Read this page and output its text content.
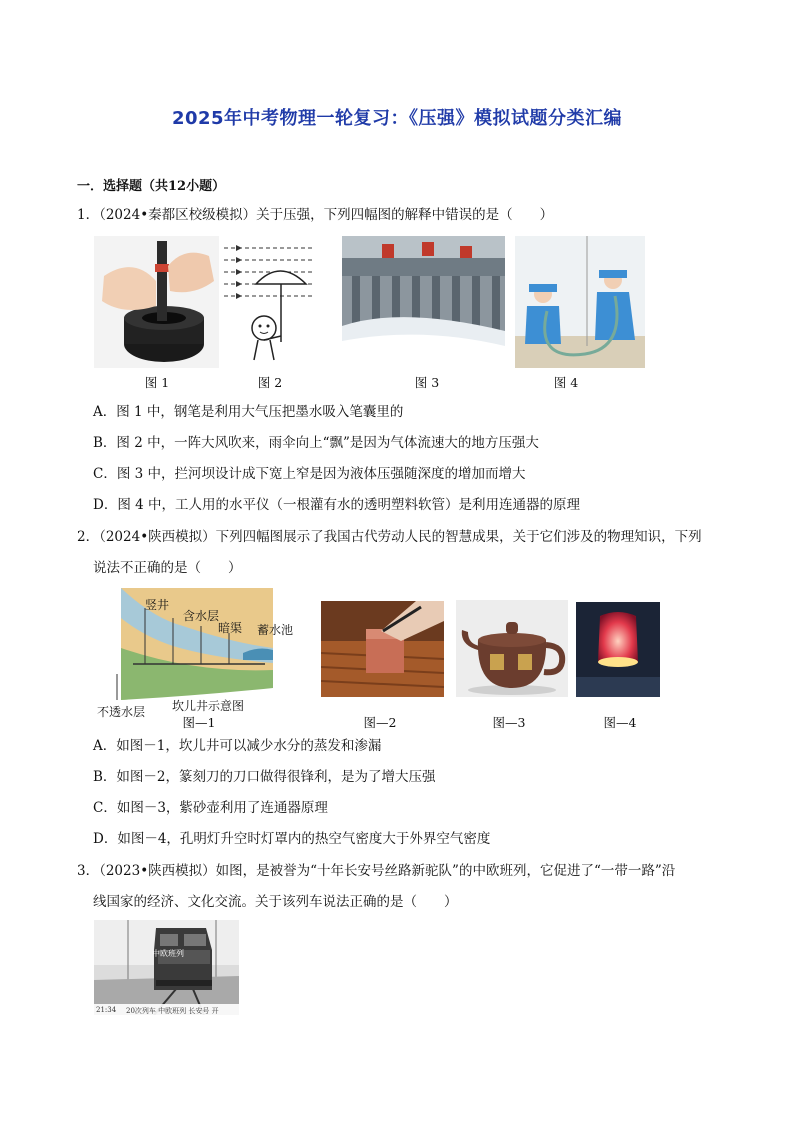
2025年中考物理一轮复习：《压强》模拟试题分类汇编
一．选择题（共12小题）
1．（2024•秦都区校级模拟）关于压强，下列四幅图的解释中错误的是（　　）
图 1	图 2	图 3	图 4
A．图 1 中，钢笔是利用大气压把墨水吸入笔囊里的
B．图 2 中，一阵大风吹来，雨伞向上“飘”是因为气体流速大的地方压强大
C．图 3 中，拦河坝设计成下宽上窄是因为液体压强随深度的增加而增大
D．图 4 中，工人用的水平仪（一根灌有水的透明塑料软管）是利用连通器的原理
2．（2024•陕西模拟）下列四幅图展示了我国古代劳动人民的智慧成果，关于它们涉及的物理知识，下列
说法不正确的是（　　）
竖井
含水层
暗渠	蓄水池
不透水层	坎儿井示意图
图—2	图—3	图—4
图—1
A．如图－1，坎儿井可以减少水分的蒸发和渗漏
B．如图－2，篆刻刀的刀口做得很锋利，是为了增大压强
C．如图－3，紫砂壶利用了连通器原理
D．如图－4，孔明灯升空时灯罩内的热空气密度大于外界空气密度
3．（2023•陕西模拟）如图，是被誉为“十年长安号丝路新驼队”的中欧班列，它促进了“一带一路”沿
线国家的经济、文化交流。关于该列车说法正确的是（　　）
中欧班列
21:34	20次列车 中欧班列 长安号 开
